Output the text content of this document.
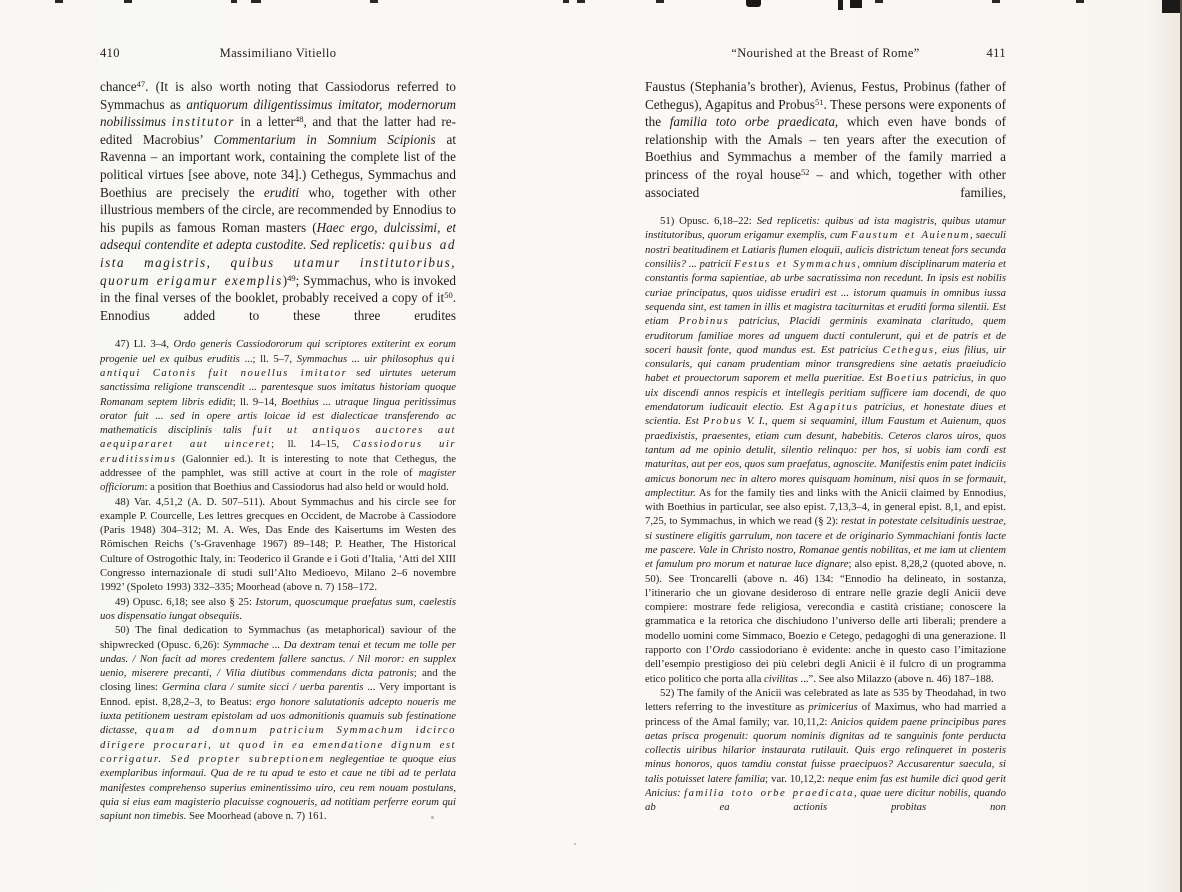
410	Massimiliano Vitiello

chance$^{47}$. (It is also worth noting that Cassiodorus referred to Symmachus as antiquorum diligentissimus imitator, modernorum nobilissimus institutor in a letter$^{48}$, and that the latter had re-edited Macrobius’ Commentarium in Somnium Scipionis at Ravenna – an important work, containing the complete list of the political virtues [see above, note 34].) Cethegus, Symmachus and Boethius are precisely the eruditi who, together with other illustrious members of the circle, are recommended by Ennodius to his pupils as famous Roman masters (Haec ergo, dulcissimi, et adsequi contendite et adepta custodite. Sed replicetis: quibus ad ista magistris, quibus utamur institutoribus, quorum erigamur exemplis)$^{49}$; Symmachus, who is invoked in the final verses of the booklet, probably received a copy of it$^{50}$. Ennodius added to these three erudites

47) Ll. 3–4, Ordo generis Cassiodororum qui scriptores extiterint ex eorum progenie uel ex quibus eruditis ...; ll. 5–7, Symmachus ... uir philosophus qui antiqui Catonis fuit nouellus imitator sed uirtutes ueterum sanctissima religione transcendit ... parentesque suos imitatus historiam quoque Romanam septem libris edidit; ll. 9–14, Boethius ... utraque lingua peritissimus orator fuit ... sed in opere artis loicae id est dialecticae transferendo ac mathematicis disciplinis talis fuit ut antiquos auctores aut aequipararet aut uinceret; ll. 14–15, Cassiodorus uir eruditissimus (Galonnier ed.). It is interesting to note that Cethegus, the addressee of the pamphlet, was still active at court in the role of magister officiorum: a position that Boethius and Cassiodorus had also held or would hold.

48) Var. 4,51,2 (A. D. 507–511). About Symmachus and his circle see for example P. Courcelle, Les lettres grecques en Occident, de Macrobe à Cassiodore (Paris 1948) 304–312; M. A. Wes, Das Ende des Kaisertums im Westen des Römischen Reichs (’s-Gravenhage 1967) 89–148; P. Heather, The Historical Culture of Ostrogothic Italy, in: Teoderico il Grande e i Goti d’Italia, ‘Atti del XIII Congresso internazionale di studi sull’Alto Medioevo, Milano 2–6 novembre 1992’ (Spoleto 1993) 332–335; Moorhead (above n. 7) 158–172.

49) Opusc. 6,18; see also § 25: Istorum, quoscumque praefatus sum, caelestis uos dispensatio iungat obsequiis.

50) The final dedication to Symmachus (as metaphorical) saviour of the shipwrecked (Opusc. 6,26): Symmache ... Da dextram tenui et tecum me tolle per undas. / Non facit ad mores credentem fallere sanctus. / Nil moror: en supplex uenio, miserere precanti, / Vilia diutibus commendans dicta patronis; and the closing lines: Germina clara / sumite sicci / uerba parentis ... Very important is Ennod. epist. 8,28,2–3, to Beatus: ergo honore salutationis adcepto noueris me iuxta petitionem uestram epistolam ad uos admonitionis quamuis sub festinatione dictasse, quam ad domnum patricium Symmachum idcirco dirigere procurari, ut quod in ea emendatione dignum est corrigatur. Sed propter subreptionem neglegentiae te quoque eius exemplaribus informaui. Qua de re tu apud te esto et caue ne tibi ad te perlata manifestes comprehenso superius eminentissimo uiro, ceu rem nouam postulans, quia si eius eam magisterio placuisse cognoueris, ad notitiam perferre eorum qui sapiunt non timebis. See Moorhead (above n. 7) 161.

“Nourished at the Breast of Rome”	411

Faustus (Stephania’s brother), Avienus, Festus, Probinus (father of Cethegus), Agapitus and Probus$^{51}$. These persons were exponents of the familia toto orbe praedicata, which even have bonds of relationship with the Amals – ten years after the execution of Boethius and Symmachus a member of the family married a princess of the royal house$^{52}$ – and which, together with other associated families,

51) Opusc. 6,18–22: Sed replicetis: quibus ad ista magistris, quibus utamur institutoribus, quorum erigamur exemplis, cum Faustum et Auienum, saeculi nostri beatitudinem et Latiaris flumen eloquii, aulicis districtum teneat fors secunda consiliis? ... patricii Festus et Symmachus, omnium disciplinarum materia et constantis forma sapientiae, ab urbe sacratissima non recedunt. In ipsis est nobilis curiae principatus, quos uidisse erudiri est ... istorum quamuis in omnibus iussa sequenda sint, est tamen in illis et magistra taciturnitas et eruditi forma silentii. Est etiam Probinus patricius, Placidi germinis examinata claritudo, quem eruditorum familiae mores ad unguem ducti contulerunt, qui et de patris et de soceri hausit fonte, quod mundus est. Est patricius Cethegus, eius filius, uir consularis, qui canam prudentiam minor transgrediens sine aetatis praeiudicio habet et prouectorum saporem et mella pueritiae. Est Boetius patricius, in quo uix discendi annos respicis et intellegis peritiam sufficere iam docendi, de quo emendatorum iudicauit electio. Est Agapitus patricius, et honestate diues et scientia. Est Probus V. I., quem si sequamini, illum Faustum et Auienum, quos praedixistis, praesentes, etiam cum desunt, habebitis. Ceteros claros uiros, quos tantum ad me opinio detulit, silentio relinquo: per hos, si uobis iam cordi est maturitas, aut per eos, quos sum praefatus, agnoscite. Manifestis enim patet indiciis amicus bonorum nec in altero mores quisquam hominum, nisi quos in se formauit, amplectitur. As for the family ties and links with the Anicii claimed by Ennodius, with Boethius in particular, see also epist. 7,13,3–4, in general epist. 8,1, and epist. 7,25, to Symmachus, in which we read (§ 2): restat in potestate celsitudinis uestrae, si sustinere eligitis garrulum, non tacere et de originario Symmachiani fontis lacte me pascere. Vale in Christo nostro, Romanae gentis nobilitas, et me iam ut clientem et famulum pro morum et naturae luce dignare; also epist. 8,28,2 (quoted above, n. 50). See Troncarelli (above n. 46) 134: “Ennodio ha delineato, in sostanza, l’itinerario che un giovane desideroso di entrare nelle grazie degli Anicii deve compiere: mostrare fede religiosa, verecondia e castità cristiane; conoscere la grammatica e la retorica che dischiudono l’universo delle arti liberali; prendere a modello uomini come Simmaco, Boezio e Cetego, pedagoghi di una generazione. Il rapporto con l’Ordo cassiodoriano è evidente: anche in questo caso l’imitazione dell’esempio prestigioso dei più celebri degli Anicii è il fulcro di un programma etico politico che porta alla civilitas ...”. See also Milazzo (above n. 46) 187–188.

52) The family of the Anicii was celebrated as late as 535 by Theodahad, in two letters referring to the investiture as primicerius of Maximus, who had married a princess of the Amal family; var. 10,11,2: Anicios quidem paene principibus pares aetas prisca progenuit: quorum nominis dignitas ad te sanguinis fonte perducta collectis uiribus hilarior instaurata rutilauit. Quis ergo relinqueret in posteris minus honoros, quos tamdiu constat fuisse praecipuos? Accusarentur saecula, si talis potuisset latere familia; var. 10,12,2: neque enim fas est humile dici quod gerit Anicius: familia toto orbe praedicata, quae uere dicitur nobilis, quando ab ea actionis probitas non
